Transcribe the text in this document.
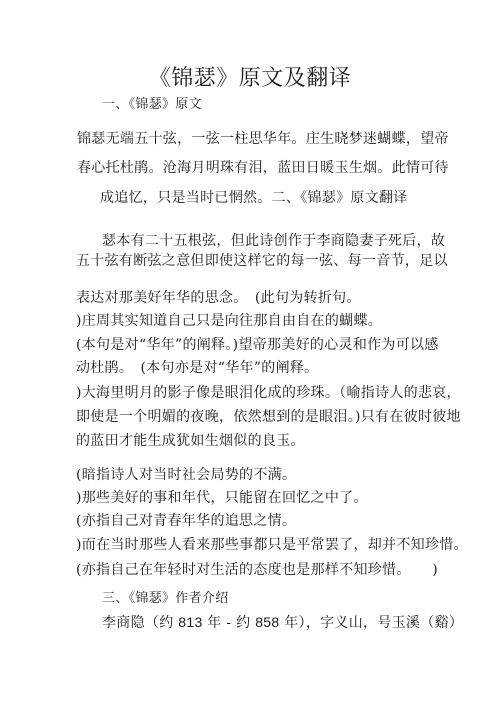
《锦瑟》原文及翻译
一、《锦瑟》原文
锦瑟无端五十弦，一弦一柱思华年。庄生晓梦迷蝴蝶，望帝
春心托杜鹃。沧海月明珠有泪，蓝田日暖玉生烟。此情可待
成追忆，只是当时已惘然。二、《锦瑟》原文翻译
瑟本有二十五根弦，但此诗创作于李商隐妻子死后，故
五十弦有断弦之意但即使这样它的每一弦、每一音节，足以
表达对那美好年华的思念。　(此句为转折句。
)庄周其实知道自己只是向往那自由自在的蝴蝶。
(本句是对“华年”的阐释。)望帝那美好的心灵和作为可以感
动杜鹃。　(本句亦是对“华年”的阐释。
)大海里明月的影子像是眼泪化成的珍珠。（喻指诗人的悲哀，
即使是一个明媚的夜晚，依然想到的是眼泪。)只有在彼时彼地
的蓝田才能生成犹如生烟似的良玉。
(暗指诗人对当时社会局势的不满。
)那些美好的事和年代，只能留在回忆之中了。
(亦指自己对青春年华的追思之情。
)而在当时那些人看来那些事都只是平常罢了，却并不知珍惜。
(亦指自己在年轻时对生活的态度也是那样不知珍惜。　　)
三、《锦瑟》作者介绍
李商隐（约 813 年 - 约 858 年），字义山，号玉溪（谿）
